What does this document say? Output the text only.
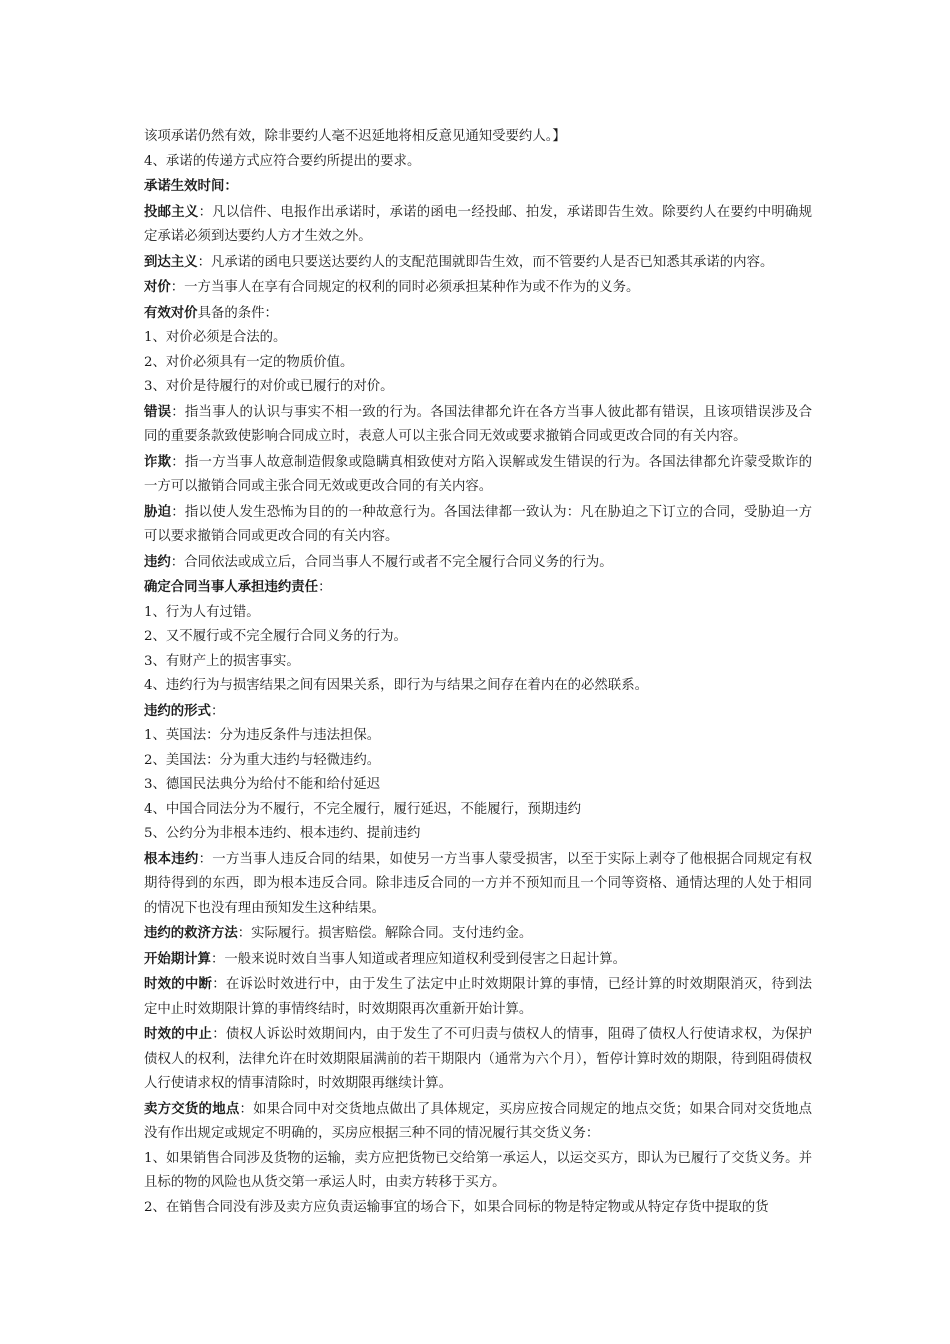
该项承诺仍然有效，除非要约人毫不迟延地将相反意见通知受要约人。】

4、承诺的传递方式应符合要约所提出的要求。

承诺生效时间：

投邮主义：凡以信件、电报作出承诺时，承诺的函电一经投邮、拍发，承诺即告生效。除要约人在要约中明确规定承诺必须到达要约人方才生效之外。

到达主义：凡承诺的函电只要送达要约人的支配范围就即告生效，而不管要约人是否已知悉其承诺的内容。

对价：一方当事人在享有合同规定的权利的同时必须承担某种作为或不作为的义务。

有效对价具备的条件：

1、对价必须是合法的。

2、对价必须具有一定的物质价值。

3、对价是待履行的对价或已履行的对价。

错误：指当事人的认识与事实不相一致的行为。各国法律都允许在各方当事人彼此都有错误，且该项错误涉及合同的重要条款致使影响合同成立时，表意人可以主张合同无效或要求撤销合同或更改合同的有关内容。

诈欺：指一方当事人故意制造假象或隐瞒真相致使对方陷入误解或发生错误的行为。各国法律都允许蒙受欺诈的一方可以撤销合同或主张合同无效或更改合同的有关内容。

胁迫：指以使人发生恐怖为目的的一种故意行为。各国法律都一致认为：凡在胁迫之下订立的合同，受胁迫一方可以要求撤销合同或更改合同的有关内容。

违约：合同依法或成立后，合同当事人不履行或者不完全履行合同义务的行为。

确定合同当事人承担违约责任：

1、行为人有过错。

2、又不履行或不完全履行合同义务的行为。

3、有财产上的损害事实。

4、违约行为与损害结果之间有因果关系，即行为与结果之间存在着内在的必然联系。

违约的形式：

1、英国法：分为违反条件与违法担保。

2、美国法：分为重大违约与轻微违约。

3、德国民法典分为给付不能和给付延迟

4、中国合同法分为不履行，不完全履行，履行延迟，不能履行，预期违约

5、公约分为非根本违约、根本违约、提前违约

根本违约：一方当事人违反合同的结果，如使另一方当事人蒙受损害，以至于实际上剥夺了他根据合同规定有权期待得到的东西，即为根本违反合同。除非违反合同的一方并不预知而且一个同等资格、通情达理的人处于相同的情况下也没有理由预知发生这种结果。

违约的救济方法：实际履行。损害赔偿。解除合同。支付违约金。

开始期计算：一般来说时效自当事人知道或者理应知道权利受到侵害之日起计算。

时效的中断：在诉讼时效进行中，由于发生了法定中止时效期限计算的事情，已经计算的时效期限消灭，待到法定中止时效期限计算的事情终结时，时效期限再次重新开始计算。

时效的中止：债权人诉讼时效期间内，由于发生了不可归责与债权人的情事，阻碍了债权人行使请求权，为保护债权人的权利，法律允许在时效期限届满前的若干期限内（通常为六个月），暂停计算时效的期限，待到阻碍债权人行使请求权的情事清除时，时效期限再继续计算。

卖方交货的地点：如果合同中对交货地点做出了具体规定，买房应按合同规定的地点交货；如果合同对交货地点没有作出规定或规定不明确的，买房应根据三种不同的情况履行其交货义务：

1、如果销售合同涉及货物的运输，卖方应把货物已交给第一承运人，以运交买方，即认为已履行了交货义务。并且标的物的风险也从货交第一承运人时，由卖方转移于买方。

2、在销售合同没有涉及卖方应负责运输事宜的场合下，如果合同标的物是特定物或从特定存货中提取的货
